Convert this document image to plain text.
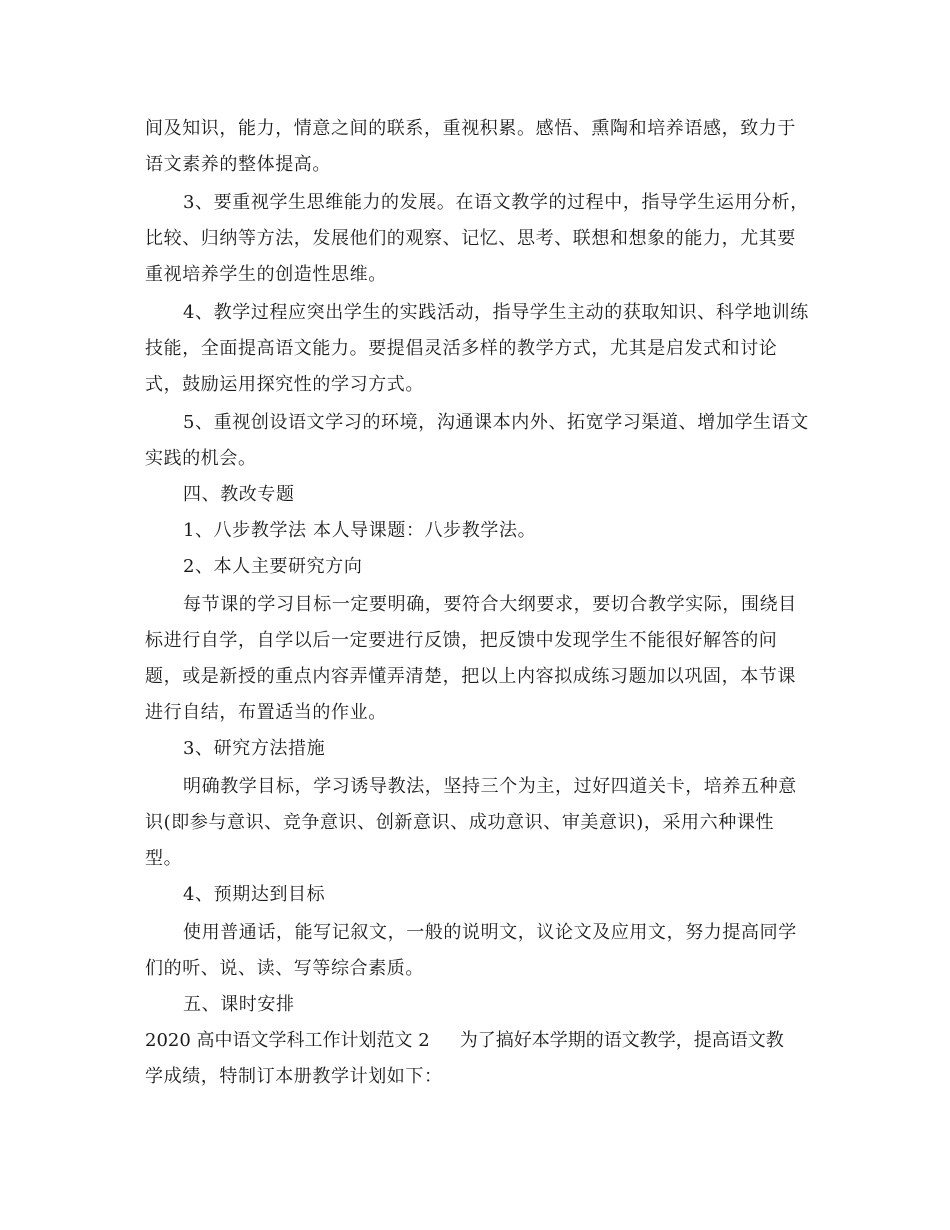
间及知识，能力，情意之间的联系，重视积累。感悟、熏陶和培养语感，致力于
语文素养的整体提高。
3、要重视学生思维能力的发展。在语文教学的过程中，指导学生运用分析，
比较、归纳等方法，发展他们的观察、记忆、思考、联想和想象的能力，尤其要
重视培养学生的创造性思维。
4、教学过程应突出学生的实践活动，指导学生主动的获取知识、科学地训练
技能，全面提高语文能力。要提倡灵活多样的教学方式，尤其是启发式和讨论
式，鼓励运用探究性的学习方式。
5、重视创设语文学习的环境，沟通课本内外、拓宽学习渠道、增加学生语文
实践的机会。
四、教改专题
1、八步教学法 本人导课题：八步教学法。
2、本人主要研究方向
每节课的学习目标一定要明确，要符合大纲要求，要切合教学实际，围绕目
标进行自学，自学以后一定要进行反馈，把反馈中发现学生不能很好解答的问
题，或是新授的重点内容弄懂弄清楚，把以上内容拟成练习题加以巩固，本节课
进行自结，布置适当的作业。
3、研究方法措施
明确教学目标，学习诱导教法，坚持三个为主，过好四道关卡，培养五种意
识(即参与意识、竞争意识、创新意识、成功意识、审美意识)，采用六种课性
型。
4、预期达到目标
使用普通话，能写记叙文，一般的说明文，议论文及应用文，努力提高同学
们的听、说、读、写等综合素质。
五、课时安排
2020 高中语文学科工作计划范文 2 为了搞好本学期的语文教学，提高语文教
学成绩，特制订本册教学计划如下：
